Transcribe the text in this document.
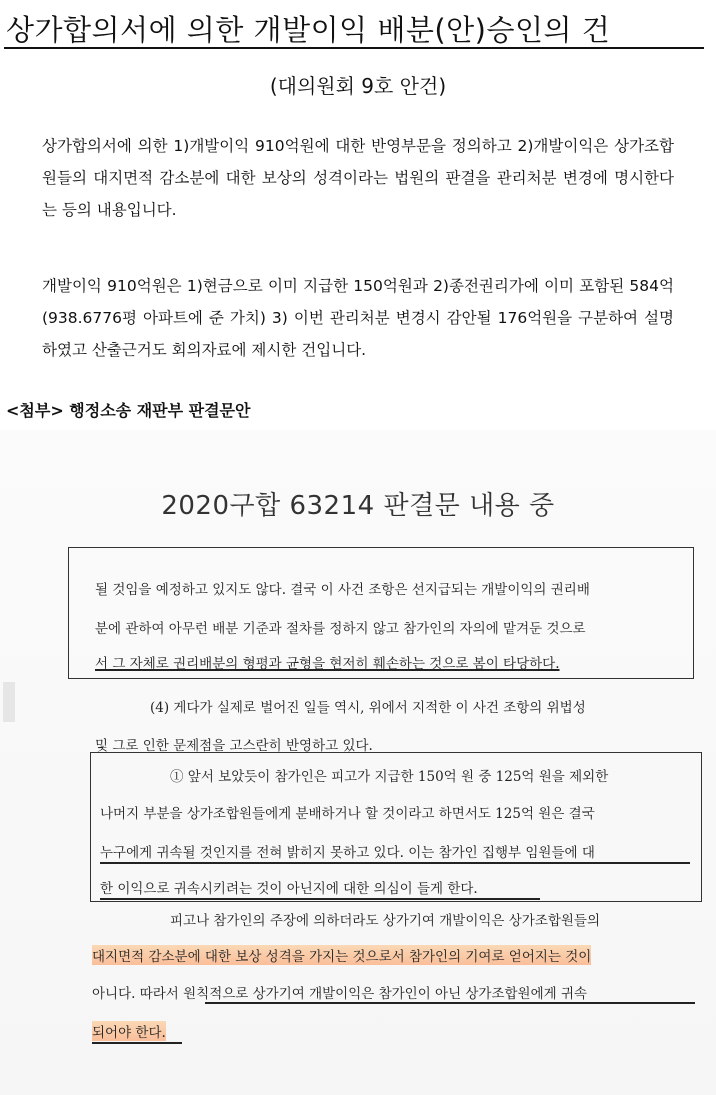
상가합의서에 의한 개발이익 배분(안)승인의 건
(대의원회 9호 안건)
상가합의서에 의한 1)개발이익 910억원에 대한 반영부문을 정의하고 2)개발이익은 상가조합원들의 대지면적 감소분에 대한 보상의 성격이라는 법원의 판결을 관리처분 변경에 명시한다는 등의 내용입니다.
개발이익 910억원은 1)현금으로 이미 지급한 150억원과 2)종전권리가에 이미 포함된 584억(938.6776평 아파트에 준 가치) 3) 이번 관리처분 변경시 감안될 176억원을 구분하여 설명하였고 산출근거도 회의자료에 제시한 건입니다.
<첨부> 행정소송 재판부 판결문안
2020구합 63214 판결문 내용 중
될 것임을 예정하고 있지도 않다. 결국 이 사건 조항은 선지급되는 개발이익의 권리배
분에 관하여 아무런 배분 기준과 절차를 정하지 않고 참가인의 자의에 맡겨둔 것으로
서 그 자체로 권리배분의 형평과 균형을 현저히 훼손하는 것으로 봄이 타당하다.
(4) 게다가 실제로 벌어진 일들 역시, 위에서 지적한 이 사건 조항의 위법성
및 그로 인한 문제점을 고스란히 반영하고 있다.
① 앞서 보았듯이 참가인은 피고가 지급한 150억 원 중 125억 원을 제외한
나머지 부분을 상가조합원들에게 분배하거나 할 것이라고 하면서도 125억 원은 결국
누구에게 귀속될 것인지를 전혀 밝히지 못하고 있다. 이는 참가인 집행부 임원들에 대
한 이익으로 귀속시키려는 것이 아닌지에 대한 의심이 들게 한다.
피고나 참가인의 주장에 의하더라도 상가기여 개발이익은 상가조합원들의
대지면적 감소분에 대한 보상 성격을 가지는 것으로서 참가인의 기여로 얻어지는 것이
아니다. 따라서 원칙적으로 상가기여 개발이익은 참가인이 아닌 상가조합원에게 귀속
되어야 한다.
